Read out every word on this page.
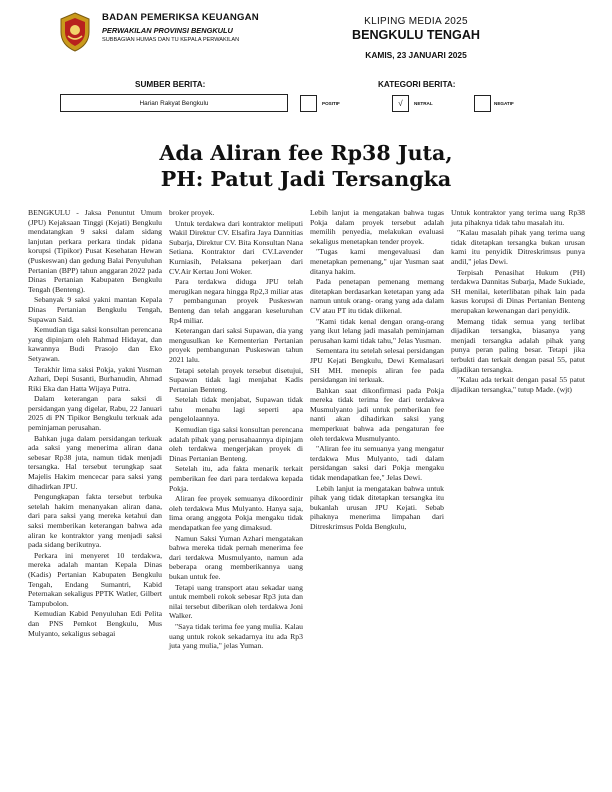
BADAN PEMERIKSA KEUANGAN
PERWAKILAN PROVINSI BENGKULU
SUBBAGIAN HUMAS DAN TU KEPALA PERWAKILAN
KLIPING MEDIA 2025
BENGKULU TENGAH
KAMIS, 23 JANUARI 2025
SUMBER BERITA:	KATEGORI BERITA:
Harian Rakyat Bengkulu	POSITIF	√	NETRAL	NEGATIF
Ada Aliran fee Rp38 Juta,
PH: Patut Jadi Tersangka

BENGKULU - Jaksa Penuntut Umum (JPU) Kejaksaan Tinggi (Kejati) Bengkulu mendatangkan 9 saksi dalam sidang lanjutan perkara perkara tindak pidana korupsi (Tipikor) Pusat Kesehatan Hewan (Puskeswan) dan gedung Balai Penyuluhan Pertanian (BPP) tahun anggaran 2022 pada Dinas Pertanian Kabupaten Bengkulu Tengah (Benteng).

Sebanyak 9 saksi yakni mantan Kepala Dinas Pertanian Bengkulu Tengah, Supawan Said.

Kemudian tiga saksi konsultan perencana yang dipinjam oleh Rahmad Hidayat, dan kawannya Budi Prasojo dan Eko Setyawan.

Terakhir lima saksi Pokja, yakni Yusman Azhari, Depi Susanti, Burhanudin, Ahmad Riki Eka dan Hatta Wijaya Putra.

Dalam keterangan para saksi di persidangan yang digelar, Rabu, 22 Januari 2025 di PN Tipikor Bengkulu terkuak ada peminjaman perusahan.

Bahkan juga dalam persidangan terkuak ada saksi yang menerima aliran dana sebesar Rp38 juta, namun tidak menjadi tersangka. Hal tersebut terungkap saat Majelis Hakim mencecar para saksi yang dihadirkan JPU.

Pengungkapan fakta tersebut terbuka setelah hakim menanyakan aliran dana, dari para saksi yang mereka ketahui dan saksi memberikan keterangan bahwa ada aliran ke kontraktor yang menjadi saksi pada sidang berikutnya.

Perkara ini menyeret 10 terdakwa, mereka adalah mantan Kepala Dinas (Kadis) Pertanian Kabupaten Bengkulu Tengah, Endang Sumantri, Kabid Peternakan sekaligus PPTK Watler, Gilbert Tampubolon.

Kemudian Kabid Penyuluhan Edi Pelita dan PNS Pemkot Bengkulu, Mus Mulyanto, sekaligus sebagai

broker proyek.

Untuk terdakwa dari kontraktor meliputi Wakil Direktur CV. Elsafira Jaya Dannitias Subarja, Direktur CV. Bita Konsultan Nana Setiana. Kontraktor dari CV.Lavender Kurniasih, Pelaksana pekerjaan dari CV.Air Kertau Joni Woker.

Para terdakwa diduga JPU telah merugikan negara hingga Rp2,3 miliar atas 7 pembangunan proyek Puskeswan Benteng dan telah anggaran keseluruhan Rp4 miliar.

Keterangan dari saksi Supawan, dia yang mengusulkan ke Kementerian Pertanian proyek pembangunan Puskeswan tahun 2021 lalu.

Tetapi setelah proyek tersebut disetujui, Supawan tidak lagi menjabat Kadis Pertanian Benteng.

Setelah tidak menjabat, Supawan tidak tahu menahu lagi seperti apa pengelolaannya.

Kemudian tiga saksi konsultan perencana adalah pihak yang perusahaannya dipinjam oleh terdakwa mengerjakan proyek di Dinas Pertanian Benteng.

Setelah itu, ada fakta menarik terkait pemberikan fee dari para terdakwa kepada Pokja.

Aliran fee proyek semuanya dikoordinir oleh terdakwa Mus Mulyanto. Hanya saja, lima orang anggota Pokja mengaku tidak mendapatkan fee yang dimaksud.

Namun Saksi Yuman Azhari mengatakan bahwa mereka tidak pernah menerima fee dari terdakwa Musmulyanto, namun ada beberapa orang memberikannya uang bukan untuk fee.

Tetapi uang transport atau sekadar uang untuk membeli rokok sebesar Rp3 juta dan nilai tersebut diberikan oleh terdakwa Joni Walker.

"Saya tidak terima fee yang mulia. Kalau uang untuk rokok sekadarnya itu ada Rp3 juta yang mulia," jelas Yuman.

Lebih lanjut ia mengatakan bahwa tugas Pokja dalam proyek tersebut adalah memilih penyedia, melakukan evaluasi sekaligus menetapkan tender proyek.

"Tugas kami mengevaluasi dan menetapkan pemenang," ujar Yusman saat ditanya hakim.

Pada penetapan pemenang memang ditetapkan berdasarkan ketetapan yang ada namun untuk orang- orang yang ada dalam CV atau PT itu tidak diikenal.

"Kami tidak kenal dengan orang-orang yang ikut lelang jadi masalah peminjaman perusahan kami tidak tahu," Jelas Yusman.

Sementara itu setelah selesai persidangan JPU Kejati Bengkulu, Dewi Kemalasari SH MH. menepis aliran fee pada persidangan ini terkuak.

Bahkan saat dikonfirmasi pada Pokja mereka tidak terima fee dari terdakwa Musmulyanto jadi untuk pemberikan fee nanti akan dihadirkan saksi yang memperkuat bahwa ada pengaturan fee oleh terdakwa Musmulyanto.

"Aliran fee itu semuanya yang mengatur terdakwa Mus Mulyanto, tadi dalam persidangan saksi dari Pokja mengaku tidak mendapatkan fee," Jelas Dewi.

Lebih lanjut ia mengatakan bahwa untuk pihak yang tidak ditetapkan tersangka itu bukanlah urusan JPU Kejati. Sebab pihaknya menerima limpahan dari Ditreskrimsus Polda Bengkulu,

Untuk kontraktor yang terima uang Rp38 juta pihaknya tidak tahu masalah itu.

"Kalau masalah pihak yang terima uang tidak ditetapkan tersangka bukan urusan kami itu penyidik Ditreskrimsus punya andil," jelas Dewi.

Terpisah Penasihat Hukum (PH) terdakwa Dannitas Subarja, Made Sukiade, SH menilai, keterlibatan pihak lain pada kasus korupsi di Dinas Pertanian Benteng merupakan kewenangan dari penyidik.

Memang tidak semua yang terlibat dijadikan tersangka, biasanya yang menjadi tersangka adalah pihak yang punya peran paling besar. Tetapi jika terbukti dan terkait dengan pasal 55, patut dijadikan tersangka.

"Kalau ada terkait dengan pasal 55 patut dijadikan tersangka," tutup Made. (wjt)
